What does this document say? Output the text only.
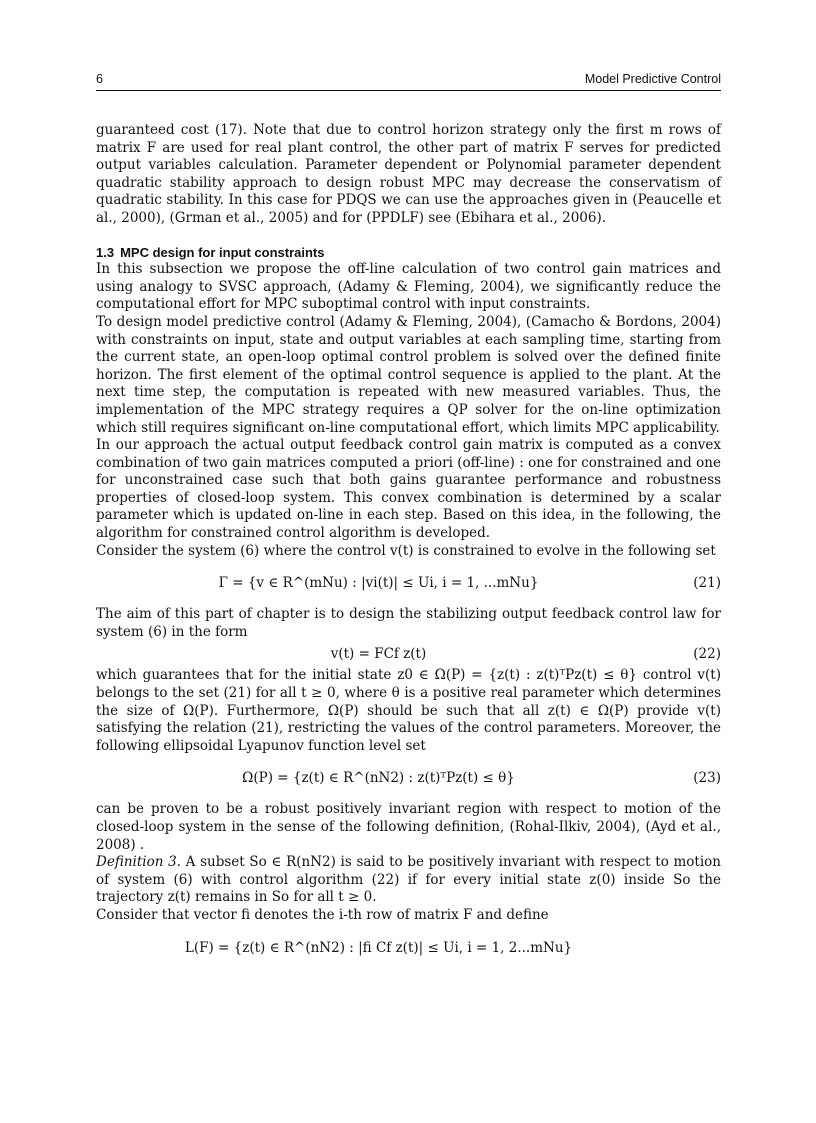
6	Model Predictive Control

guaranteed cost (17). Note that due to control horizon strategy only the first m rows of matrix F are used for real plant control, the other part of matrix F serves for predicted output variables calculation. Parameter dependent or Polynomial parameter dependent quadratic stability approach to design robust MPC may decrease the conservatism of quadratic stability. In this case for PDQS we can use the approaches given in (Peaucelle et al., 2000), (Grman et al., 2005) and for (PPDLF) see (Ebihara et al., 2006).

1.3 MPC design for input constraints

In this subsection we propose the off-line calculation of two control gain matrices and using analogy to SVSC approach, (Adamy & Fleming, 2004), we significantly reduce the computational effort for MPC suboptimal control with input constraints.

To design model predictive control (Adamy & Fleming, 2004), (Camacho & Bordons, 2004) with constraints on input, state and output variables at each sampling time, starting from the current state, an open-loop optimal control problem is solved over the defined finite horizon. The first element of the optimal control sequence is applied to the plant. At the next time step, the computation is repeated with new measured variables. Thus, the implementation of the MPC strategy requires a QP solver for the on-line optimization which still requires significant on-line computational effort, which limits MPC applicability.

In our approach the actual output feedback control gain matrix is computed as a convex combination of two gain matrices computed a priori (off-line) : one for constrained and one for unconstrained case such that both gains guarantee performance and robustness properties of closed-loop system. This convex combination is determined by a scalar parameter which is updated on-line in each step. Based on this idea, in the following, the algorithm for constrained control algorithm is developed.

Consider the system (6) where the control v(t) is constrained to evolve in the following set

Γ = {v ∈ R^(mNu) : |vi(t)| ≤ Ui, i = 1, ...mNu}	(21)

The aim of this part of chapter is to design the stabilizing output feedback control law for system (6) in the form

v(t) = FCf z(t)	(22)

which guarantees that for the initial state z0 ∈ Ω(P) = {z(t) : z(t)ᵀPz(t) ≤ θ} control v(t) belongs to the set (21) for all t ≥ 0, where θ is a positive real parameter which determines the size of Ω(P). Furthermore, Ω(P) should be such that all z(t) ∈ Ω(P) provide v(t) satisfying the relation (21), restricting the values of the control parameters. Moreover, the following ellipsoidal Lyapunov function level set

Ω(P) = {z(t) ∈ R^(nN2) : z(t)ᵀPz(t) ≤ θ}	(23)

can be proven to be a robust positively invariant region with respect to motion of the closed-loop system in the sense of the following definition, (Rohal-Ilkiv, 2004), (Ayd et al., 2008) .

Definition 3. A subset So ∈ R(nN2) is said to be positively invariant with respect to motion of system (6) with control algorithm (22) if for every initial state z(0) inside So the trajectory z(t) remains in So for all t ≥ 0.

Consider that vector fi denotes the i-th row of matrix F and define

L(F) = {z(t) ∈ R^(nN2) : |fi Cf z(t)| ≤ Ui, i = 1, 2...mNu}
